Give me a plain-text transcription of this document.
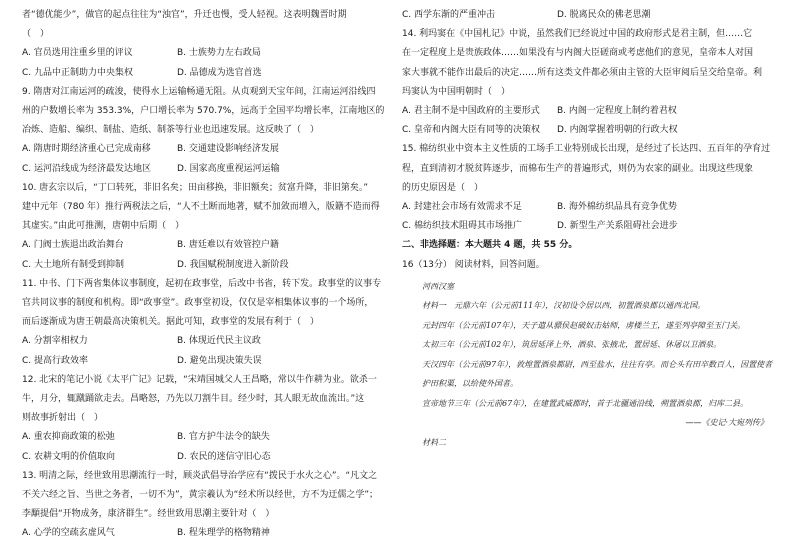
者“德优能少”，做官的起点往往为“浊官”，升迁也慢，受人轻视。这表明魏晋时期

（　）

A. 官员选用注重乡里的评议	B. 士族势力左右政局
C. 九品中正制助力中央集权	D. 品德成为选官首选

9. 隋唐对江南运河的疏浚，使得水上运输畅通无阻。从贞观到天宝年间，江南运河沿线四

州的户数增长率为 353.3%，户口增长率为 570.7%，远高于全国平均增长率，江南地区的

冶炼、造船、编织、制盐、造纸、制茶等行业也迅速发展。这反映了（　）

A. 隋唐时期经济重心已完成南移	B. 交通建设影响经济发展
C. 运河沿线成为经济最发达地区	D. 国家高度重视运河运输

10. 唐玄宗以后，“丁口转死，非旧名矣；田亩移换，非旧额矣；贫富升降，非旧第矣。”

建中元年（780 年）推行两税法之后，“人不土断而地著，赋不加敛而增入，版籍不造而得

其虚实。”由此可推测，唐朝中后期（　）

A. 门阀士族退出政治舞台	B. 唐廷难以有效管控户籍
C. 大土地所有制受到抑制	D. 我国赋税制度进入新阶段

11. 中书、门下两省集体议事制度，起初在政事堂，后改中书省，转下发。政事堂的议事专

官共同议事的制度和机构。即“政事堂”。政事堂初设，仅仅是宰相集体议事的一个场所，

而后逐渐成为唐王朝最高决策机关。据此可知，政事堂的发展有利于（　）

A. 分割宰相权力	B. 体现近代民主议政
C. 提高行政效率	D. 避免出现决策失误

12. 北宋的笔记小说《太平广记》记载，“宋靖国城父人王昌略，常以牛作耕为业。欲杀一

牛，月分，辄蹴踊欲走去。昌略怒，乃先以刀割牛目。经少时，其人眼无故血流出。”这

则故事折射出（　）

A. 重农抑商政策的松弛	B. 官方护牛法令的缺失
C. 农耕文明的价值取向	D. 农民的迷信守旧心态

13. 明清之际，经世致用思潮流行一时，顾炎武倡导治学应有“拨民于水火之心”。“凡文之

不关六经之旨、当世之务者，一切不为”，黄宗羲认为“经术所以经世，方不为迂儒之学”；

李顒提倡“开物成务，康济群生”。经世致用思潮主要针对（　）

A. 心学的空疏玄虚风气	B. 程朱理学的格物精神
C. 西学东渐的严重冲击	D. 脱离民众的佛老思潮

14. 利玛窦在《中国札记》中说，虽然我们已经说过中国的政府形式是君主制，但……它

在一定程度上是贵族政体……如果没有与内阁大臣磋商或考虑他们的意见，皇帝本人对国

家大事就不能作出最后的决定……所有这类文件都必须由主管的大臣审阅后呈交给皇帝。利

玛窦认为中国明朝时（　）

A. 君主制不是中国政府的主要形式	B. 内阁一定程度上制约着君权
C. 皇帝和内阁大臣有同等的决策权	D. 内阁掌握着明朝的行政大权

15. 棉纺织业中资本主义性质的工场手工业特别成长出现，是经过了长达四、五百年的孕育过

程，直到清初才脱贫阵逐步，而棉布生产的普遍形式，则仍为农家的副业。出现这些现象

的历史原因是（　）

A. 封建社会市场有效需求不足	B. 海外棉纺织品具有竞争优势
C. 棉纺织技术阻碍其市场推广	D. 新型生产关系阻碍社会进步

二、非选择题：本大题共 4 题，共 55 分。

16（13分） 阅读材料，回答问题。

河西汉塞

材料一　元鼎六年（公元前111年），汉初设令居以西，初置酒泉郡以通西北国。

元封四年（公元前107年），天子遣从骠侯赵破奴击姑师，虏楼兰王，遂至列亭障至玉门关。

太初三年（公元前102年），筑居延泽上外，酒泉、张掖北，置居延、休屠以卫酒泉。

天汉四年（公元前97年），敦煌置酒泉都尉，西至盐水，往往有亭。而仑头有田卒数百人，因置使者护田积粟，以给使外国者。

宣帝地节三年（公元前67年），在建置武威郡时，首于北疆通沿线，朔置酒泉郡，归库二县。

——《史记·大宛列传》

材料二
